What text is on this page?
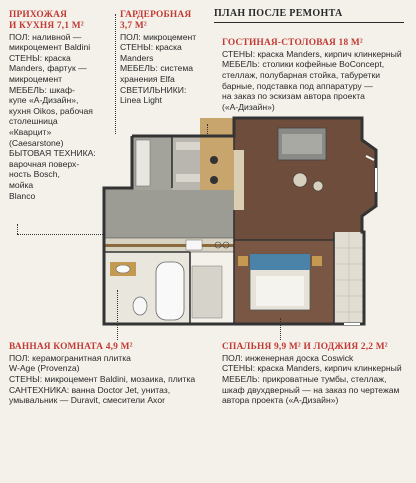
ПЛАН ПОСЛЕ РЕМОНТА
ПРИХОЖАЯ
И КУХНЯ 7,1 М²
ПОЛ: наливной —
микроцемент Baldini
СТЕНЫ: краска
Manders, фартук —
микроцемент
МЕБЕЛЬ: шкаф-
купе «А-Дизайн»,
кухня Oikos, рабочая
столешница
«Кварцит»
(Caesarstone)
БЫТОВАЯ ТЕХНИКА:
варочная поверх-
ность Bosch,
мойка
Blanco
ГАРДЕРОБНАЯ
3,7 М²
ПОЛ: микроцемент
СТЕНЫ: краска
Manders
МЕБЕЛЬ: система
хранения Elfa
СВЕТИЛЬНИКИ:
Linea Light
ГОСТИНАЯ-СТОЛОВАЯ 18 М²
СТЕНЫ: краска Manders, кирпич клинкерный
МЕБЕЛЬ: столики кофейные BoConcept,
стеллаж, полубарная стойка, табуретки
барные, подставка под аппаратуру —
на заказ по эскизам автора проекта
(«А-Дизайн»)
ВАННАЯ КОМНАТА 4,9 М²
ПОЛ: керамогранитная плитка
W-Age (Provenza)
СТЕНЫ: микроцемент Baldini, мозаика, плитка
САНТЕХНИКА: ванна Doctor Jet, унитаз,
умывальник — Duravit, смесители Axor
СПАЛЬНЯ 9,9 М² И ЛОДЖИЯ 2,2 М²
ПОЛ: инженерная доска Coswick
СТЕНЫ: краска Manders, кирпич клинкерный
МЕБЕЛЬ: прикроватные тумбы, стеллаж,
шкаф двухдверный — на заказ по чертежам
автора проекта («А-Дизайн»)
